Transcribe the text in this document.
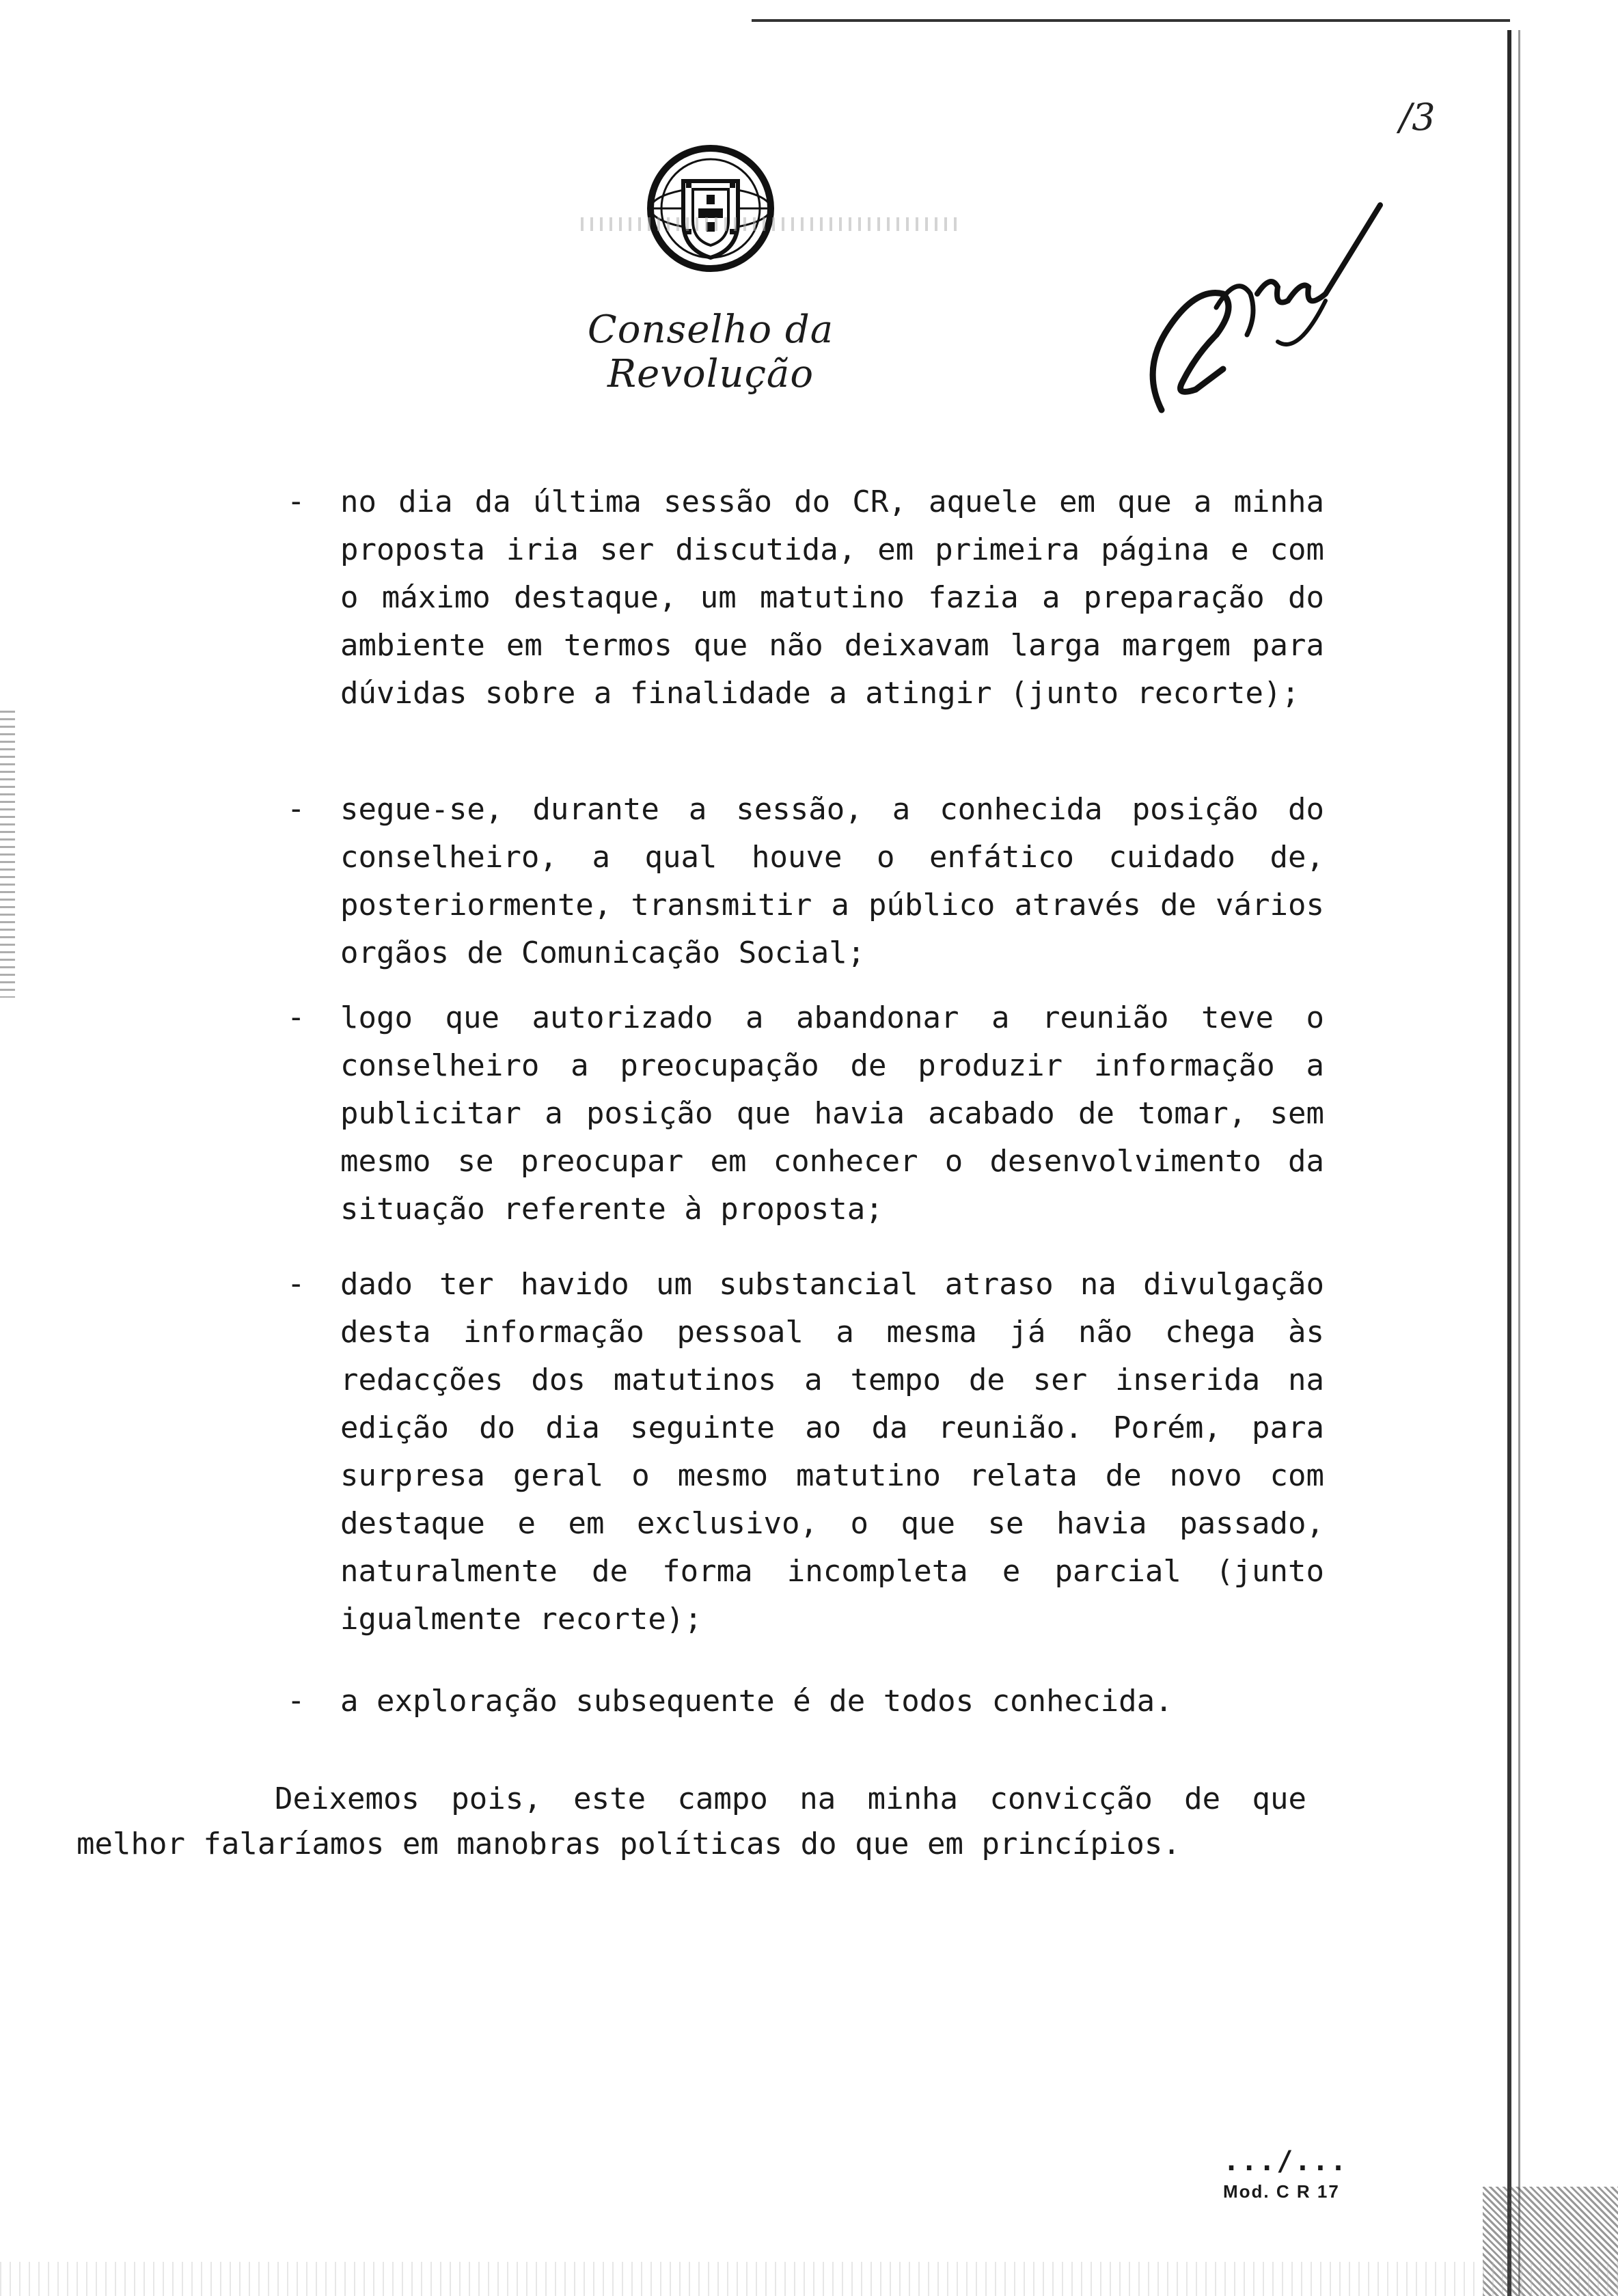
/3
Conselho da Revolução
- no dia da última sessão do CR, aquele em que a minha proposta iria ser discutida, em primeira página e com o máximo destaque, um matutino fazia a preparação do ambiente em termos que não deixavam larga margem para dúvidas sobre a finalidade a atingir (junto recorte);
- segue-se, durante a sessão, a conhecida posição do conselheiro, a qual houve o enfático cuidado de, posteriormente, transmitir a público através de vários orgãos de Comunicação Social;
- logo que autorizado a abandonar a reunião teve o conselheiro a preocupação de produzir informação a publicitar a posição que havia acabado de tomar, sem mesmo se preocupar em conhecer o desenvolvimento da situação referente à proposta;
- dado ter havido um substancial atraso na divulgação desta informação pessoal a mesma já não chega às redacções dos matutinos a tempo de ser inserida na edição do dia seguinte ao da reunião. Porém, para surpresa geral o mesmo matutino relata de novo com destaque e em exclusivo, o que se havia passado, naturalmente de forma incompleta e parcial (junto igualmente recorte);
- a exploração subsequente é de todos conhecida.
Deixemos pois, este campo na minha convicção de que melhor falaríamos em manobras políticas do que em princípios.
.../...
Mod. C R 17
